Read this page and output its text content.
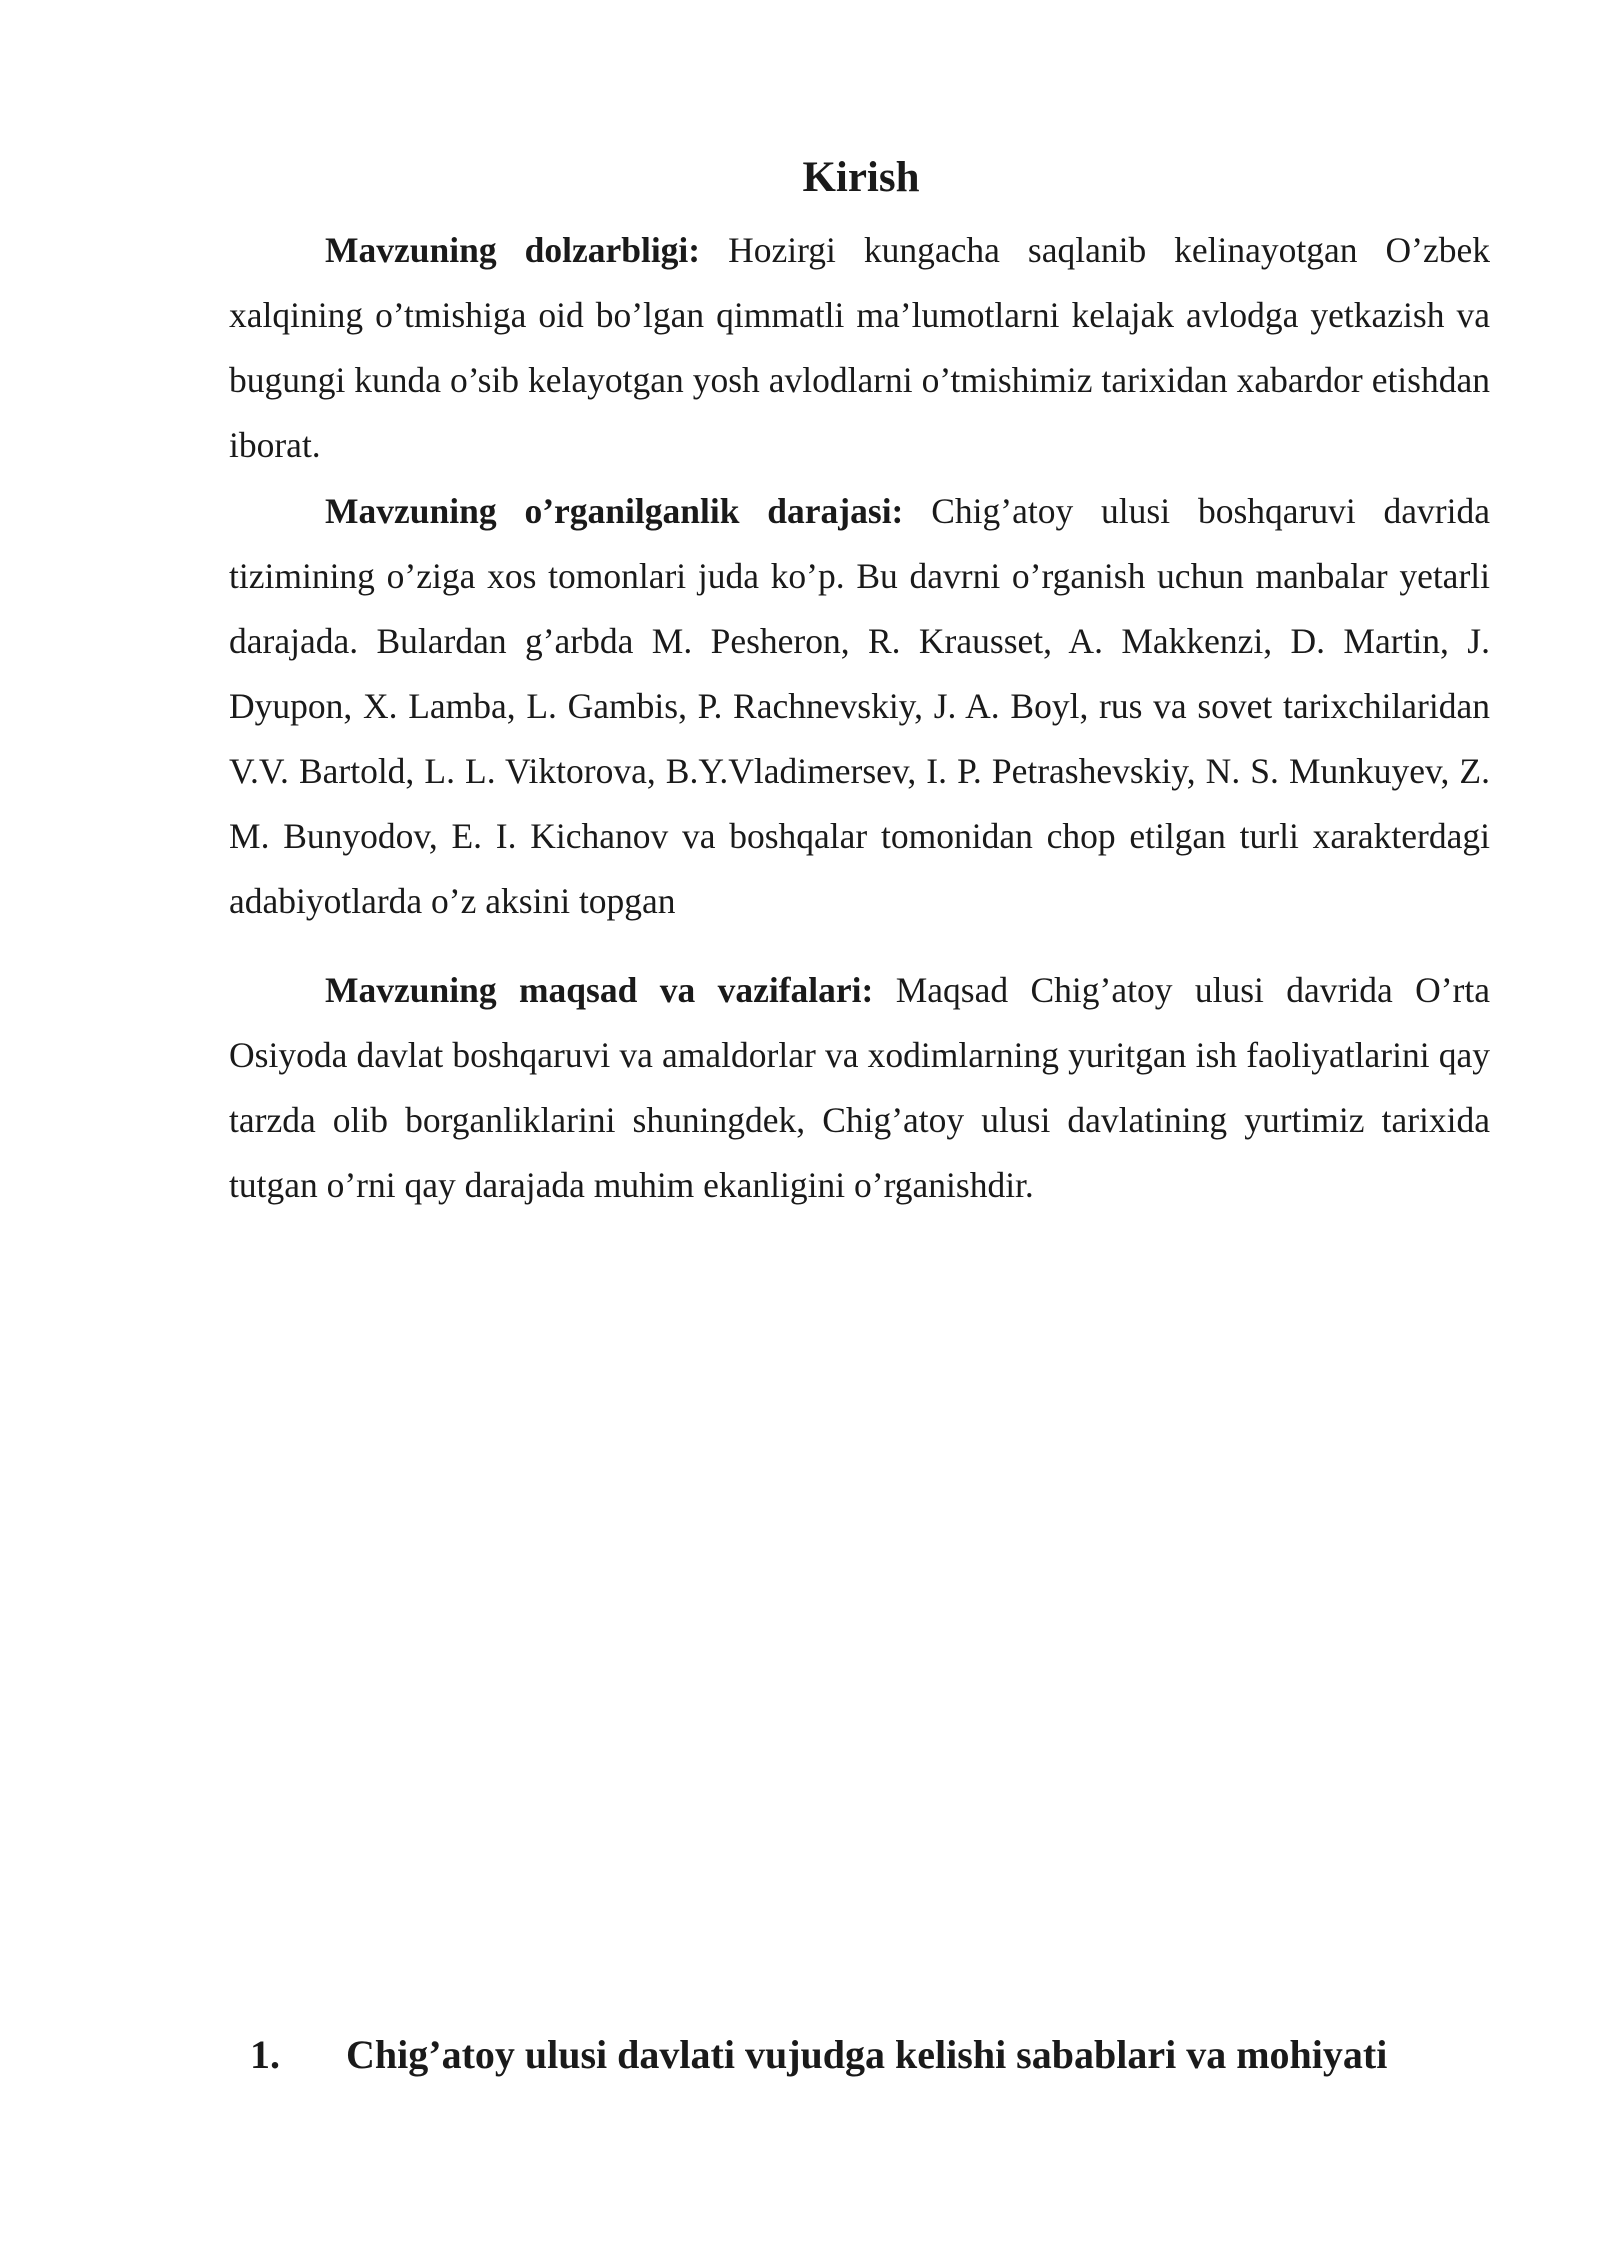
Kirish

Mavzuning dolzarbligi: Hozirgi kungacha saqlanib kelinayotgan O’zbek xalqining o’tmishiga oid bo’lgan qimmatli ma’lumotlarni kelajak avlodga yetkazish va bugungi kunda o’sib kelayotgan yosh avlodlarni o’tmishimiz tarixidan xabardor etishdan iborat.

Mavzuning o’rganilganlik darajasi: Chig’atoy ulusi boshqaruvi davrida tizimining o’ziga xos tomonlari juda ko’p. Bu davrni o’rganish uchun manbalar yetarli darajada. Bulardan g’arbda M. Pesheron, R. Krausset, A. Makkenzi, D. Martin, J. Dyupon, X. Lamba, L. Gambis, P. Rachnevskiy, J. A. Boyl, rus va sovet tarixchilaridan V.V. Bartold, L. L. Viktorova, B.Y.Vladimersev, I. P. Petrashevskiy, N. S. Munkuyev, Z. M. Bunyodov, E. I. Kichanov va boshqalar tomonidan chop etilgan turli xarakterdagi adabiyotlarda o’z aksini topgan

Mavzuning maqsad va vazifalari: Maqsad Chig’atoy ulusi davrida O’rta Osiyoda davlat boshqaruvi va amaldorlar va xodimlarning yuritgan ish faoliyatlarini qay tarzda olib borganliklarini shuningdek, Chig’atoy ulusi davlatining yurtimiz tarixida tutgan o’rni qay darajada muhim ekanligini o’rganishdir.

1. Chig’atoy ulusi davlati vujudga kelishi sabablari va mohiyati
